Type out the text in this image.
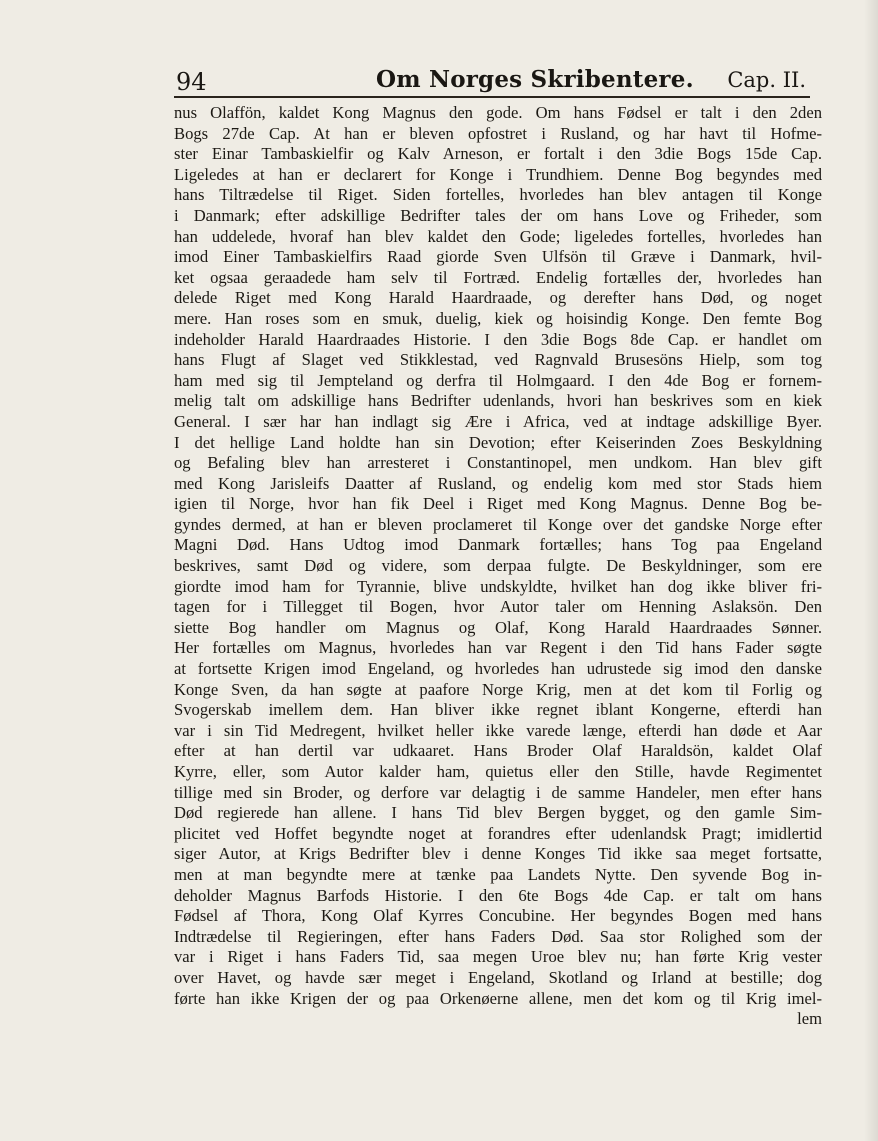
94	Om Norges Skribentere. Cap. II.
nus Olaffön, kaldet Kong Magnus den gode. Om hans Fødsel er talt i den 2den
Bogs 27de Cap. At han er bleven opfostret i Rusland, og har havt til Hofme-
ster Einar Tambaskielfir og Kalv Arneson, er fortalt i den 3die Bogs 15de Cap.
Ligeledes at han er declarert for Konge i Trundhiem. Denne Bog begyndes med
hans Tiltrædelse til Riget. Siden fortelles, hvorledes han blev antagen til Konge
i Danmark; efter adskillige Bedrifter tales der om hans Love og Friheder, som
han uddelede, hvoraf han blev kaldet den Gode; ligeledes fortelles, hvorledes han
imod Einer Tambaskielfirs Raad giorde Sven Ulfsön til Græve i Danmark, hvil-
ket ogsaa geraadede ham selv til Fortræd. Endelig fortælles der, hvorledes han
delede Riget med Kong Harald Haardraade, og derefter hans Død, og noget
mere. Han roses som en smuk, duelig, kiek og hoisindig Konge. Den femte Bog
indeholder Harald Haardraades Historie. I den 3die Bogs 8de Cap. er handlet om
hans Flugt af Slaget ved Stikklestad, ved Ragnvald Brusesöns Hielp, som tog
ham med sig til Jempteland og derfra til Holmgaard. I den 4de Bog er fornem-
melig talt om adskillige hans Bedrifter udenlands, hvori han beskrives som en kiek
General. I sær har han indlagt sig Ære i Africa, ved at indtage adskillige Byer.
I det hellige Land holdte han sin Devotion; efter Keiserinden Zoes Beskyldning
og Befaling blev han arresteret i Constantinopel, men undkom. Han blev gift
med Kong Jarisleifs Daatter af Rusland, og endelig kom med stor Stads hiem
igien til Norge, hvor han fik Deel i Riget med Kong Magnus. Denne Bog be-
gyndes dermed, at han er bleven proclameret til Konge over det gandske Norge efter
Magni Død. Hans Udtog imod Danmark fortælles; hans Tog paa Engeland
beskrives, samt Død og videre, som derpaa fulgte. De Beskyldninger, som ere
giordte imod ham for Tyrannie, blive undskyldte, hvilket han dog ikke bliver fri-
tagen for i Tillegget til Bogen, hvor Autor taler om Henning Aslaksön. Den
siette Bog handler om Magnus og Olaf, Kong Harald Haardraades Sønner.
Her fortælles om Magnus, hvorledes han var Regent i den Tid hans Fader søgte
at fortsette Krigen imod Engeland, og hvorledes han udrustede sig imod den danske
Konge Sven, da han søgte at paafore Norge Krig, men at det kom til Forlig og
Svogerskab imellem dem. Han bliver ikke regnet iblant Kongerne, efterdi han
var i sin Tid Medregent, hvilket heller ikke varede længe, efterdi han døde et Aar
efter at han dertil var udkaaret. Hans Broder Olaf Haraldsön, kaldet Olaf
Kyrre, eller, som Autor kalder ham, quietus eller den Stille, havde Regimentet
tillige med sin Broder, og derfore var delagtig i de samme Handeler, men efter hans
Død regierede han allene. I hans Tid blev Bergen bygget, og den gamle Sim-
plicitet ved Hoffet begyndte noget at forandres efter udenlandsk Pragt; imidlertid
siger Autor, at Krigs Bedrifter blev i denne Konges Tid ikke saa meget fortsatte,
men at man begyndte mere at tænke paa Landets Nytte. Den syvende Bog in-
deholder Magnus Barfods Historie. I den 6te Bogs 4de Cap. er talt om hans
Fødsel af Thora, Kong Olaf Kyrres Concubine. Her begyndes Bogen med hans
Indtrædelse til Regieringen, efter hans Faders Død. Saa stor Rolighed som der
var i Riget i hans Faders Tid, saa megen Uroe blev nu; han førte Krig vester
over Havet, og havde sær meget i Engeland, Skotland og Irland at bestille; dog
førte han ikke Krigen der og paa Orkenøerne allene, men det kom og til Krig imel-
lem
